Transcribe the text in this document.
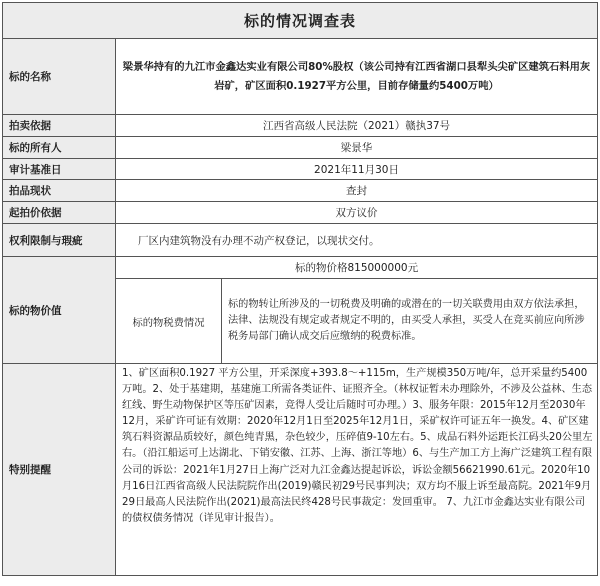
标的情况调查表		
标的名称	梁景华持有的九江市金鑫达实业有限公司80%股权（该公司持有江西省湖口县犁头尖矿区建筑石料用灰岩矿，矿区面积0.1927平方公里，目前存储量约5400万吨）	
拍卖依据	江西省高级人民法院（2021）赣执37号	
标的所有人	梁景华	
审计基准日	2021年11月30日	
拍品现状	查封	
起拍价依据	双方议价	
权利限制与瑕疵	厂区内建筑物没有办理不动产权登记，以现状交付。	
标的物价值	标的物价格815000000元	
	标的物税费情况	标的物转让所涉及的一切税费及明确的或潜在的一切关联费用由双方依法承担，法律、法规没有规定或者规定不明的，由买受人承担，买受人在竞买前应向所涉税务局部门确认成交后应缴纳的税费标准。
特别提醒	1、矿区面积0.1927 平方公里，开采深度+393.8～+115m，生产规模350万吨/年，总开采量约5400万吨。2、处于基建期，基建施工所需各类证件、证照齐全。（林权证暂未办理除外，不涉及公益林、生态红线、野生动物保护区等压矿因素，竞得人受让后随时可办理。）3、服务年限：2015年12月至2030年12月，采矿许可证有效期：2020年12月1日至2025年12月1日，采矿权许可证五年一换发。4、矿区建筑石料资源品质较好，颜色纯青黑，杂色较少，压碎值9-10左右。5、成品石料外运距长江码头20公里左右。（沿江船运可上达湖北、下销安徽、江苏、上海、浙江等地）6、与生产加工方上海广泛建筑工程有限公司的诉讼：2021年1月27日上海广泛对九江金鑫达提起诉讼，诉讼金额56621990.61元。2020年10月16日江西省高级人民法院院作出(2019)赣民初29号民事判决；双方均不服上诉至最高院。2021年9月29日最高人民法院作出(2021)最高法民终428号民事裁定：发回重审。 7、九江市金鑫达实业有限公司的债权债务情况（详见审计报告）。	
